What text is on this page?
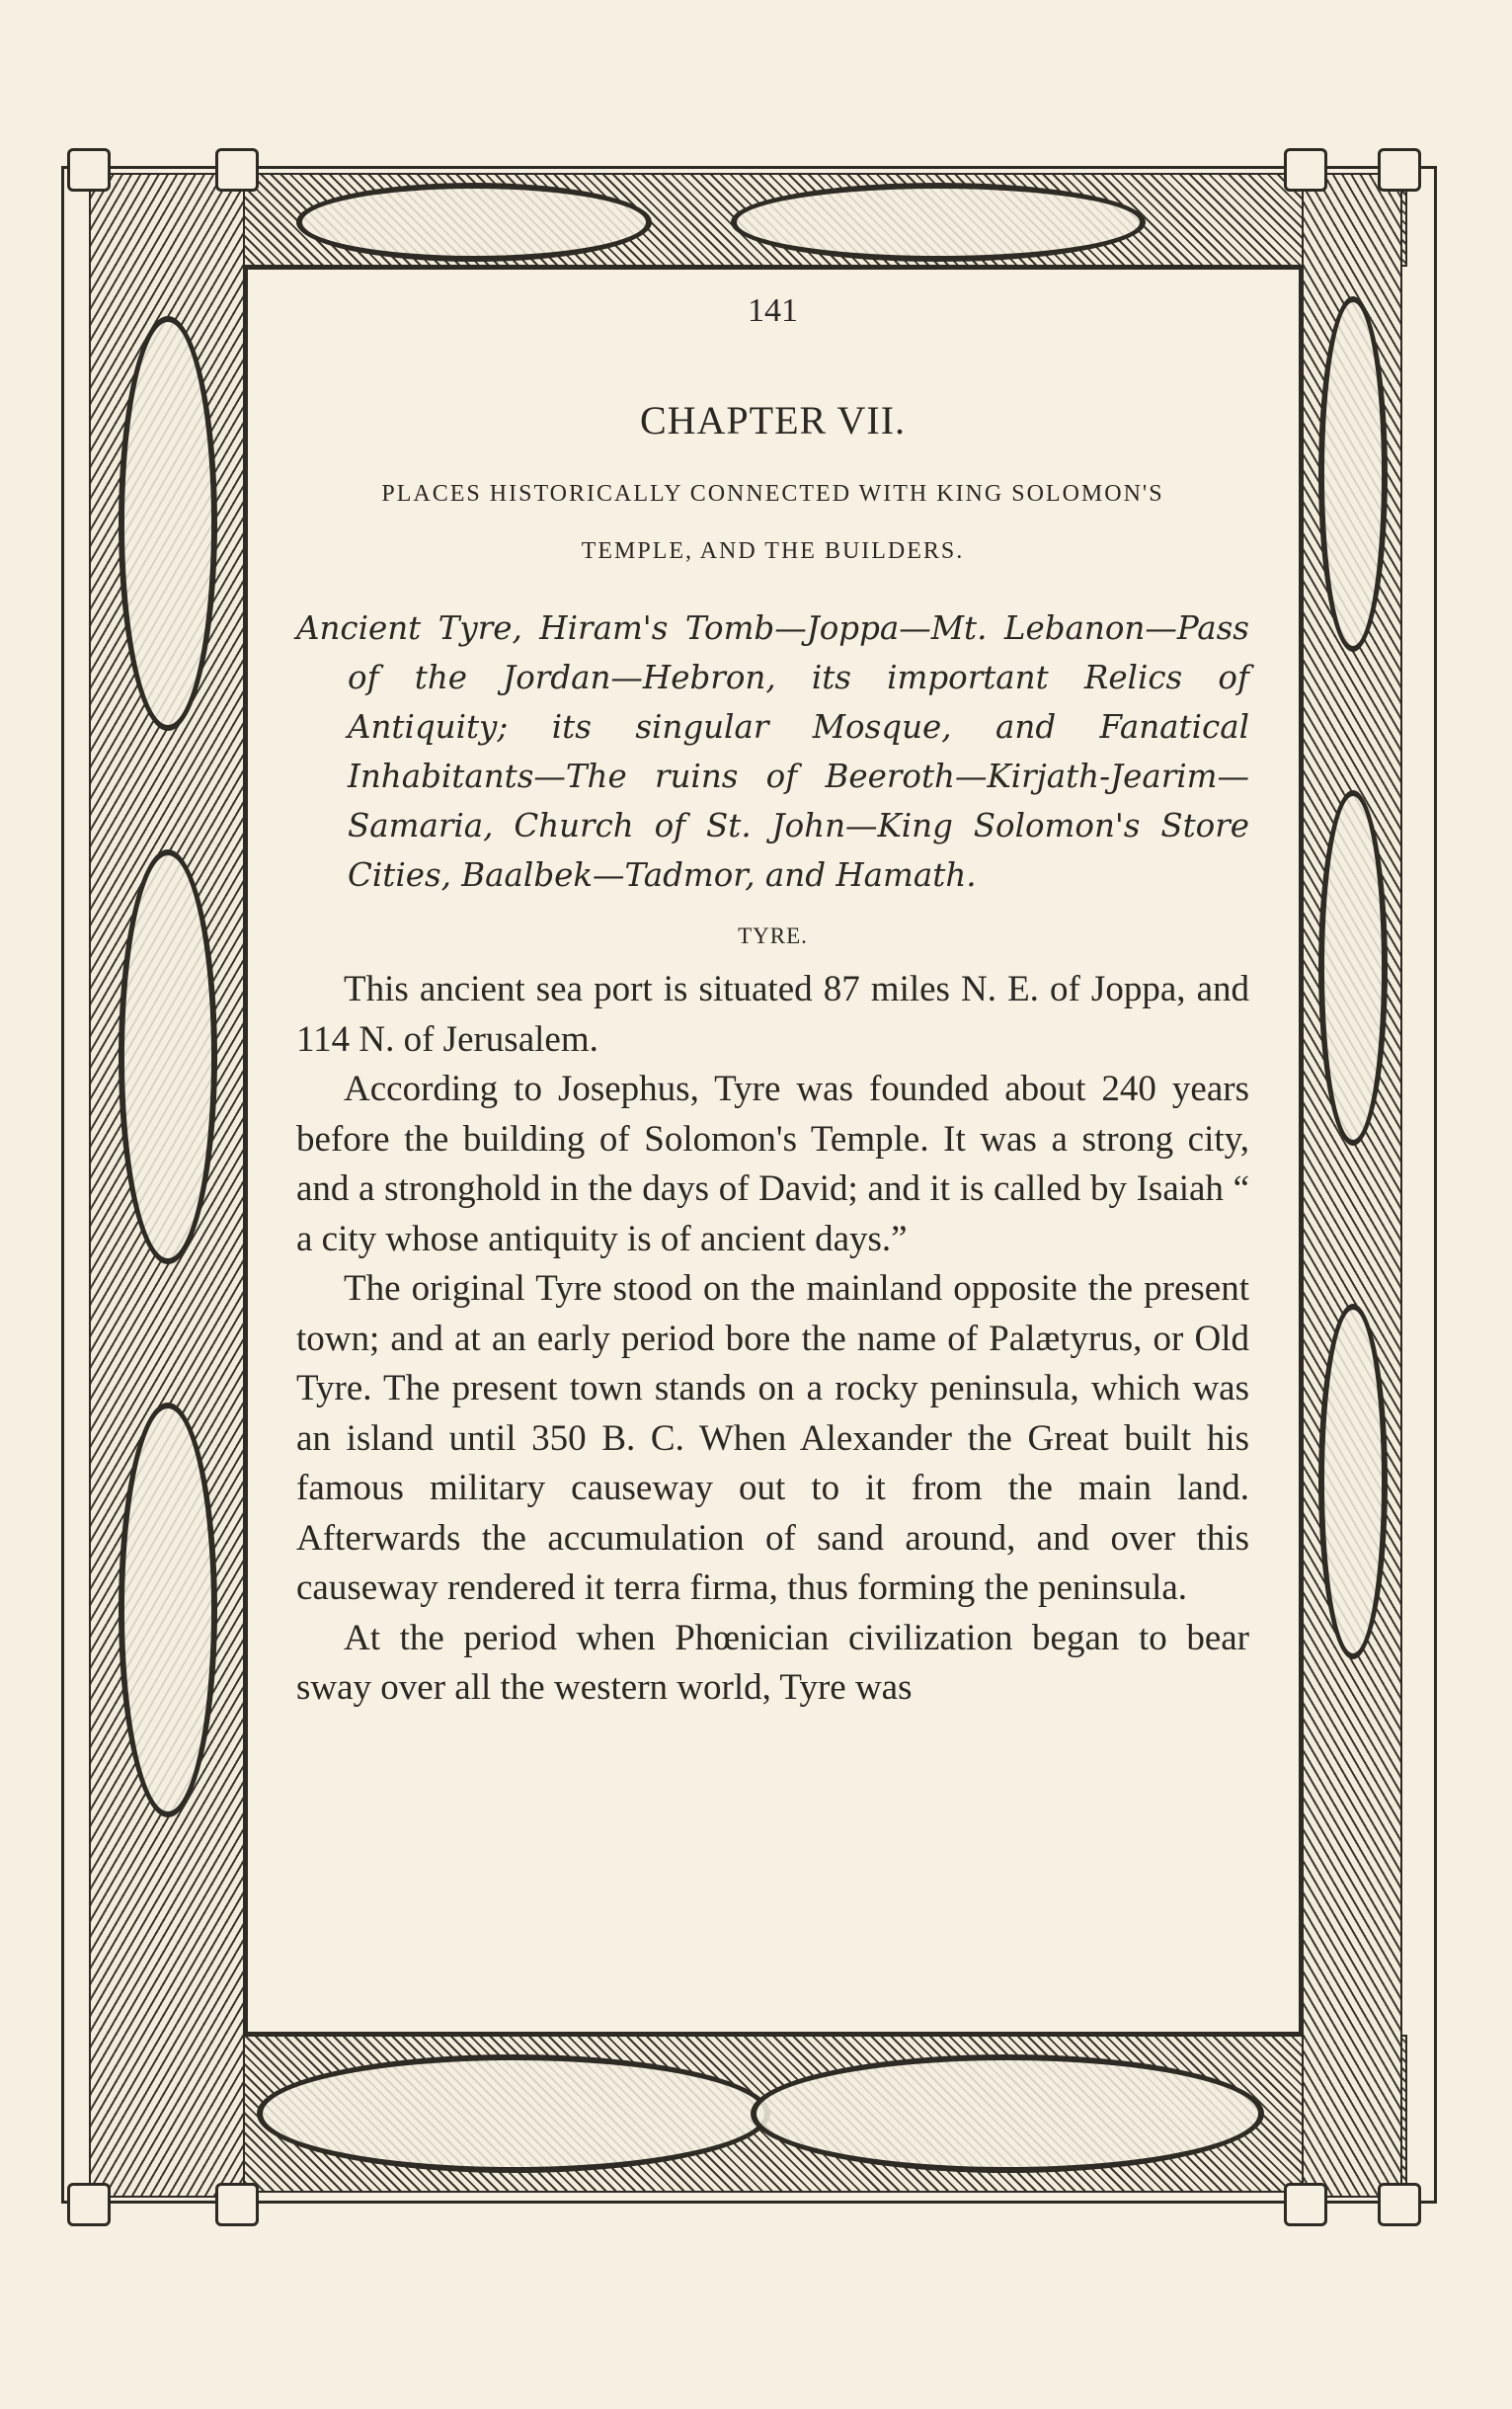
141

CHAPTER VII.
PLACES HISTORICALLY CONNECTED WITH KING SOLOMON'S
TEMPLE, AND THE BUILDERS.

Ancient Tyre, Hiram's Tomb—Joppa—Mt. Lebanon—Pass of the Jordan—Hebron, its important Relics of Antiquity; its singular Mosque, and Fanatical Inhabitants—The ruins of Beeroth—Kirjath-Jearim—Samaria, Church of St. John—King Solomon's Store Cities, Baalbek—Tadmor, and Hamath.

TYRE.

This ancient sea port is situated 87 miles N. E. of Joppa, and 114 N. of Jerusalem.

According to Josephus, Tyre was founded about 240 years before the building of Solomon's Temple. It was a strong city, and a stronghold in the days of David; and it is called by Isaiah “ a city whose antiquity is of ancient days.”

The original Tyre stood on the mainland opposite the present town; and at an early period bore the name of Palætyrus, or Old Tyre. The present town stands on a rocky peninsula, which was an island until 350 B. C. When Alexander the Great built his famous military causeway out to it from the main land. Afterwards the accumulation of sand around, and over this causeway rendered it terra firma, thus forming the peninsula.

At the period when Phœnician civilization began to bear sway over all the western world, Tyre was
